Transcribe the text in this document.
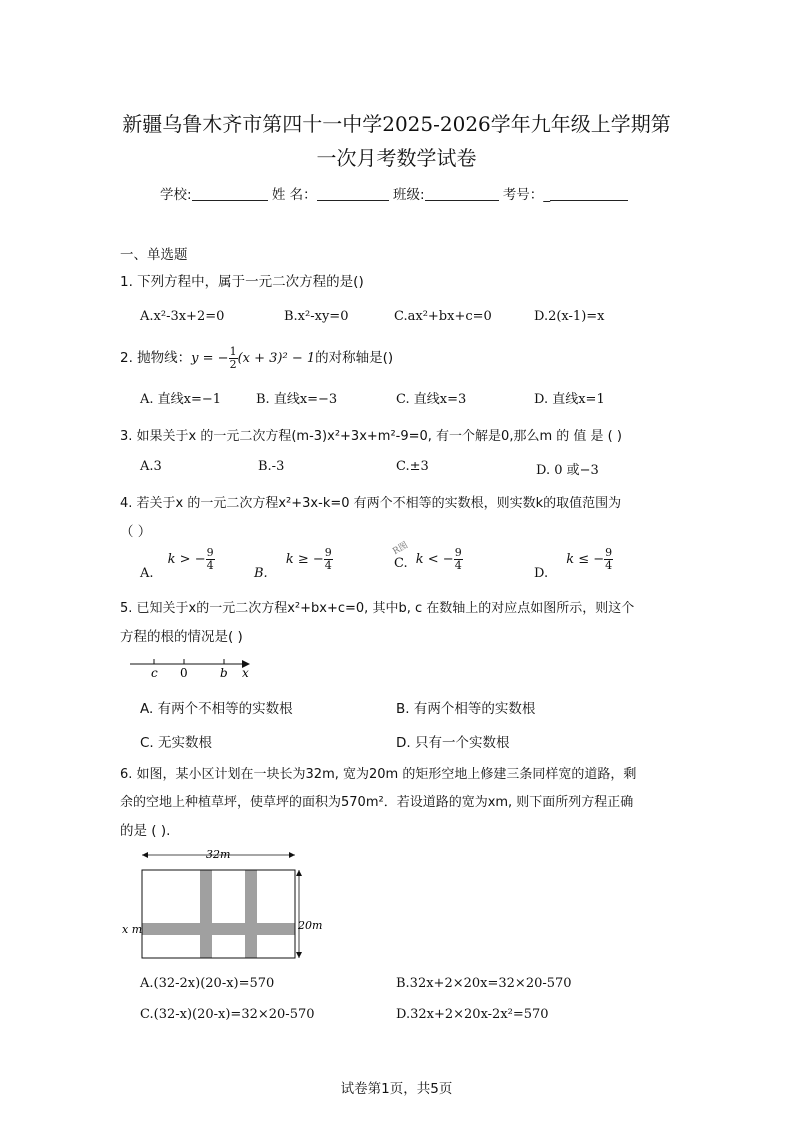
新疆乌鲁木齐市第四十一中学2025-2026学年九年级上学期第
一次月考数学试卷
学校:	姓 名：	班级:	考号：_
一、单选题
1. 下列方程中，属于一元二次方程的是()
A.x²-3x+2=0	B.x²-xy=0	C.ax²+bx+c=0	D.2(x-1)=x
2. 抛物线：y = − $\frac{1}{2} (x + 3)^2 - 1$的对称轴是()
A. 直线x=−1	B. 直线x=−3	C. 直线x=3	D. 直线x=1
3. 如果关于x 的一元二次方程(m-3)x²+3x+m²-9=0, 有一个解是0,那么m 的 值 是 ( )
A.3	B.-3	C.±3	D. 0 或−3
4. 若关于x 的一元二次方程x²+3x-k=0 有两个不相等的实数根，则实数k的取值范围为
（ ）
A. k > − $\frac{9}{4}$
B. k ≥ − $\frac{9}{4}$	R图
C. k < − $\frac{9}{4}$
D. k ≤ − $\frac{9}{4}$
5. 已知关于x的一元二次方程x²+bx+c=0, 其中b, c 在数轴上的对应点如图所示，则这个
方程的根的情况是( )
c 0	b x
A. 有两个不相等的实数根	B. 有两个相等的实数根
C. 无实数根	D. 只有一个实数根
6. 如图，某小区计划在一块长为32m, 宽为20m 的矩形空地上修建三条同样宽的道路，剩
余的空地上种植草坪，使草坪的面积为570m²．若设道路的宽为xm, 则下面所列方程正确
的是 ( ).
32m
20m
x m
A.(32-2x)(20-x)=570	B.32x+2×20x=32×20-570
C.(32-x)(20-x)=32×20-570	D.32x+2×20x-2x²=570
试卷第1页，共5页
